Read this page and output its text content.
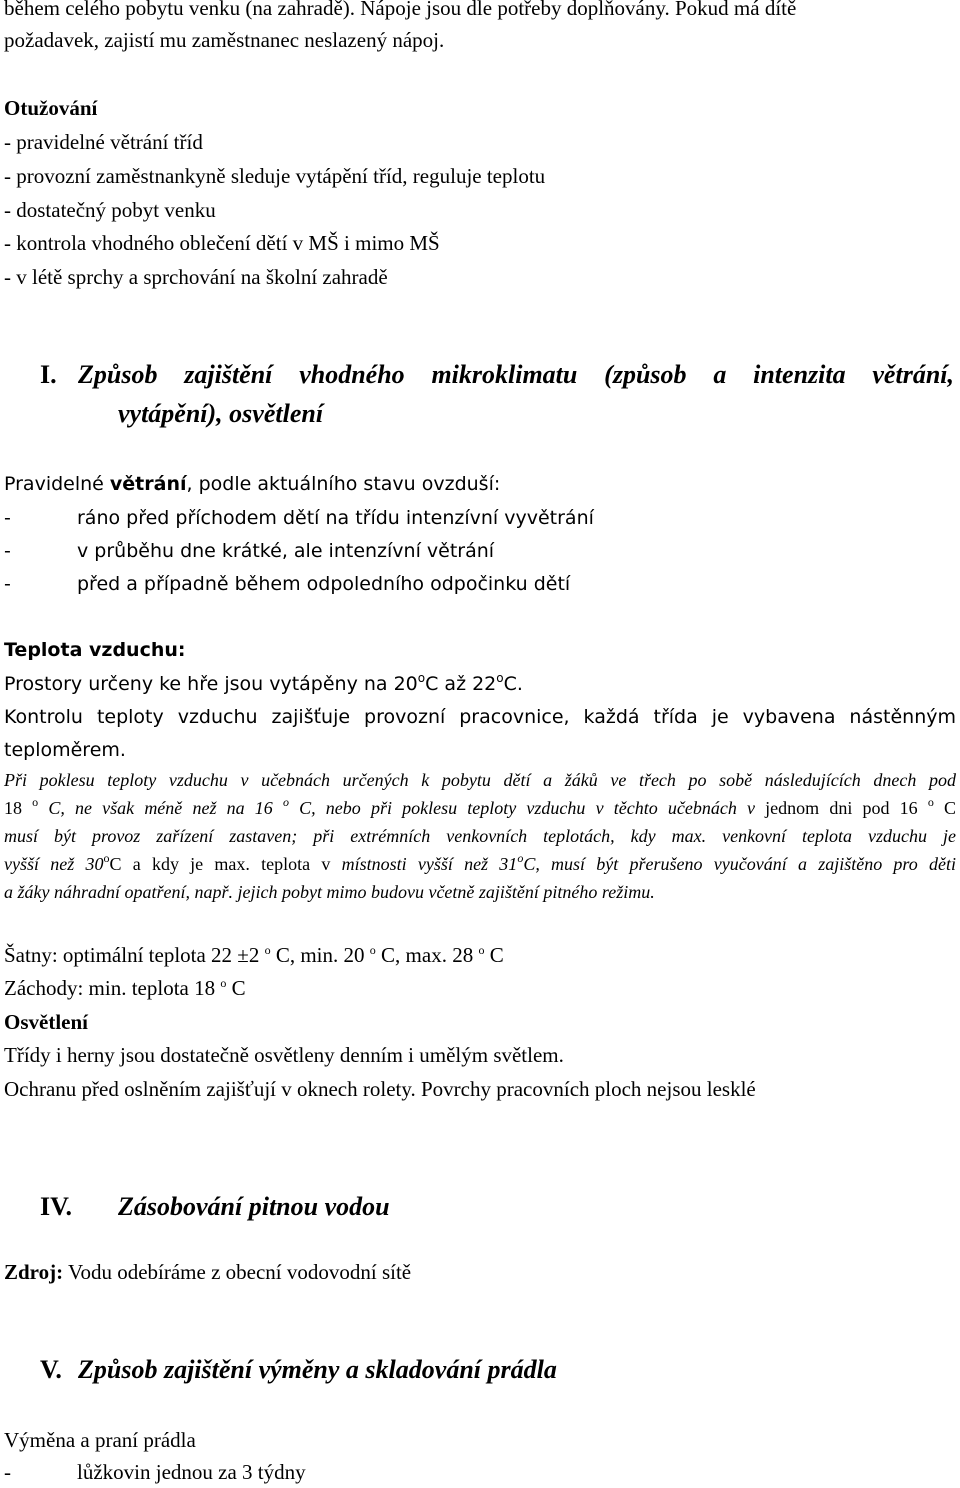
během celého pobytu venku (na zahradě). Nápoje jsou dle potřeby doplňovány. Pokud má dítě
požadavek, zajistí mu zaměstnanec neslazený nápoj.
Otužování
- pravidelné větrání tříd
- provozní zaměstnankyně sleduje vytápění tříd, reguluje teplotu
- dostatečný pobyt venku
- kontrola vhodného oblečení dětí v MŠ i mimo MŠ
- v létě sprchy a sprchování na školní zahradě
I. Způsob zajištění vhodného mikroklimatu (způsob a intenzita větrání,
vytápění), osvětlení
Pravidelné větrání, podle aktuálního stavu ovzduší:
-	ráno před příchodem dětí na třídu intenzívní vyvětrání
-	v průběhu dne krátké, ale intenzívní větrání
-	před a případně během odpoledního odpočinku dětí
Teplota vzduchu:
Prostory určeny ke hře jsou vytápěny na 20$^o$C až 22$^o$C.
Kontrolu teploty vzduchu zajišťuje provozní pracovnice, každá třída je vybavena nástěnným
teploměrem.
Při poklesu teploty vzduchu v učebnách určených k pobytu dětí a žáků ve třech po sobě následujících dnech pod
18 $^o$ C, ne však méně než na 16 $^o$ C, nebo při poklesu teploty vzduchu v těchto učebnách v jednom dni pod 16 $^o$ C
musí být provoz zařízení zastaven; při extrémních venkovních teplotách, kdy max. venkovní teplota vzduchu je
vyšší než 30$^o$C a kdy je max. teplota v místnosti vyšší než 31$^o$C, musí být přerušeno vyučování a zajištěno pro děti
a žáky náhradní opatření, např. jejich pobyt mimo budovu včetně zajištění pitného režimu.
Šatny: optimální teplota 22 ±2 $^o$ C, min. 20 $^o$ C, max. 28 $^o$ C
Záchody: min. teplota 18 $^o$ C
Osvětlení
Třídy i herny jsou dostatečně osvětleny denním i umělým světlem.
Ochranu před oslněním zajišťují v oknech rolety. Povrchy pracovních ploch nejsou lesklé
IV. Zásobování pitnou vodou
Zdroj: Vodu odebíráme z obecní vodovodní sítě
V. Způsob zajištění výměny a skladování prádla
Výměna a praní prádla
-	lůžkovin jednou za 3 týdny
